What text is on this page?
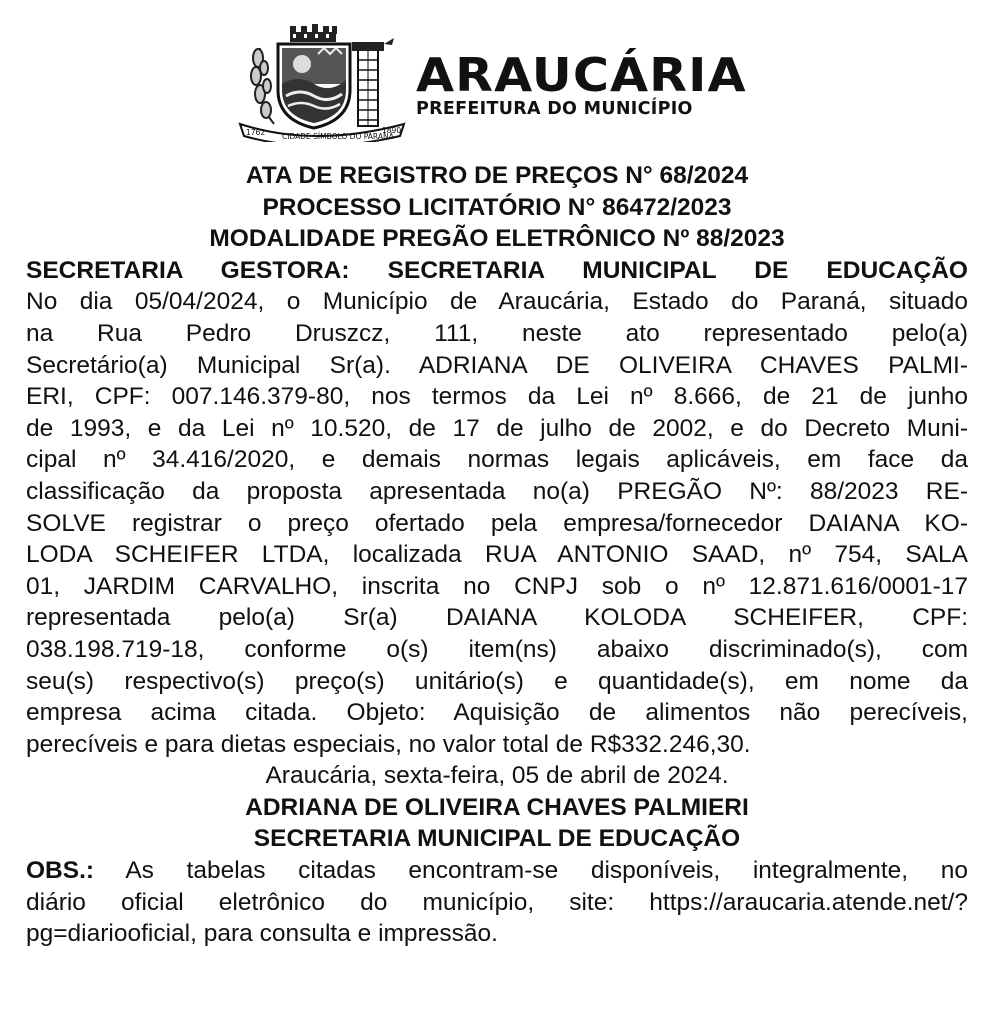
1762 CIDADE SÍMBOLO DO PARANÁ
1890
ARAUCÁRIA
PREFEITURA DO MUNICÍPIO
ATA DE REGISTRO DE PREÇOS N° 68/2024
PROCESSO LICITATÓRIO N° 86472/2023
MODALIDADE PREGÃO ELETRÔNICO Nº 88/2023
SECRETARIA GESTORA: SECRETARIA MUNICIPAL DE EDUCAÇÃO
No dia 05/04/2024, o Município de Araucária, Estado do Paraná, situado
na Rua Pedro Druszcz, 111, neste ato representado pelo(a)
Secretário(a) Municipal Sr(a). ADRIANA DE OLIVEIRA CHAVES PALMI-
ERI, CPF: 007.146.379-80, nos termos da Lei nº 8.666, de 21 de junho
de 1993, e da Lei nº 10.520, de 17 de julho de 2002, e do Decreto Muni-
cipal nº 34.416/2020, e demais normas legais aplicáveis, em face da
classificação da proposta apresentada no(a) PREGÃO Nº: 88/2023 RE-
SOLVE registrar o preço ofertado pela empresa/fornecedor DAIANA KO-
LODA SCHEIFER LTDA, localizada RUA ANTONIO SAAD, nº 754, SALA
01, JARDIM CARVALHO, inscrita no CNPJ sob o nº 12.871.616/0001-17
representada pelo(a) Sr(a) DAIANA KOLODA SCHEIFER, CPF:
038.198.719-18, conforme o(s) item(ns) abaixo discriminado(s), com
seu(s) respectivo(s) preço(s) unitário(s) e quantidade(s), em nome da
empresa acima citada. Objeto: Aquisição de alimentos não perecíveis,
perecíveis e para dietas especiais, no valor total de R$332.246,30.
Araucária, sexta-feira, 05 de abril de 2024.
ADRIANA DE OLIVEIRA CHAVES PALMIERI
SECRETARIA MUNICIPAL DE EDUCAÇÃO
OBS.: As tabelas citadas encontram-se disponíveis, integralmente, no
diário oficial eletrônico do município, site: https://araucaria.atende.net/?
pg=diariooficial, para consulta e impressão.
